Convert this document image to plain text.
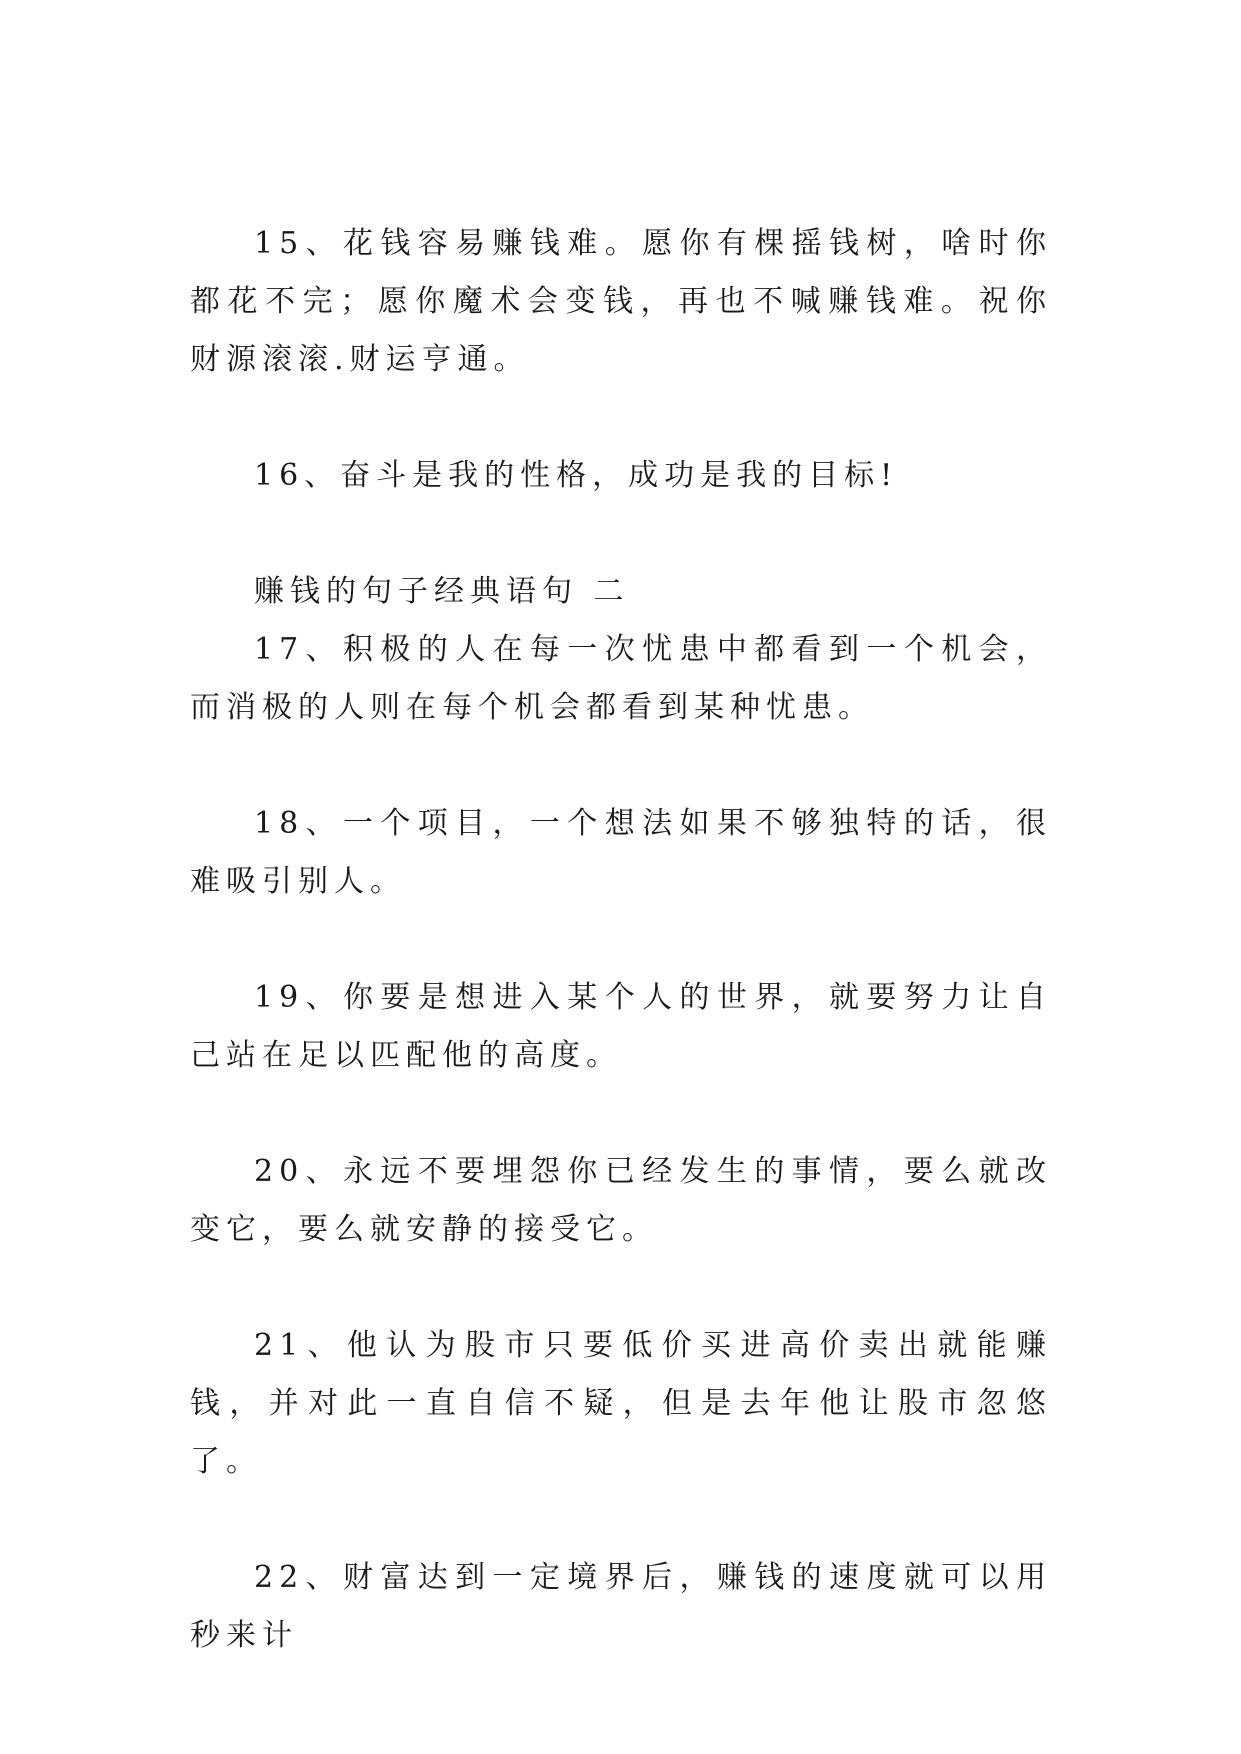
15、花钱容易赚钱难。愿你有棵摇钱树，啥时你都花不完；愿你魔术会变钱，再也不喊赚钱难。祝你财源滚滚.财运亨通。

16、奋斗是我的性格，成功是我的目标!

赚钱的句子经典语句 二

17、积极的人在每一次忧患中都看到一个机会，而消极的人则在每个机会都看到某种忧患。

18、一个项目，一个想法如果不够独特的话，很难吸引别人。

19、你要是想进入某个人的世界，就要努力让自己站在足以匹配他的高度。

20、永远不要埋怨你已经发生的事情，要么就改变它，要么就安静的接受它。

21、他认为股市只要低价买进高价卖出就能赚钱，并对此一直自信不疑，但是去年他让股市忽悠了。

22、财富达到一定境界后，赚钱的速度就可以用秒来计
